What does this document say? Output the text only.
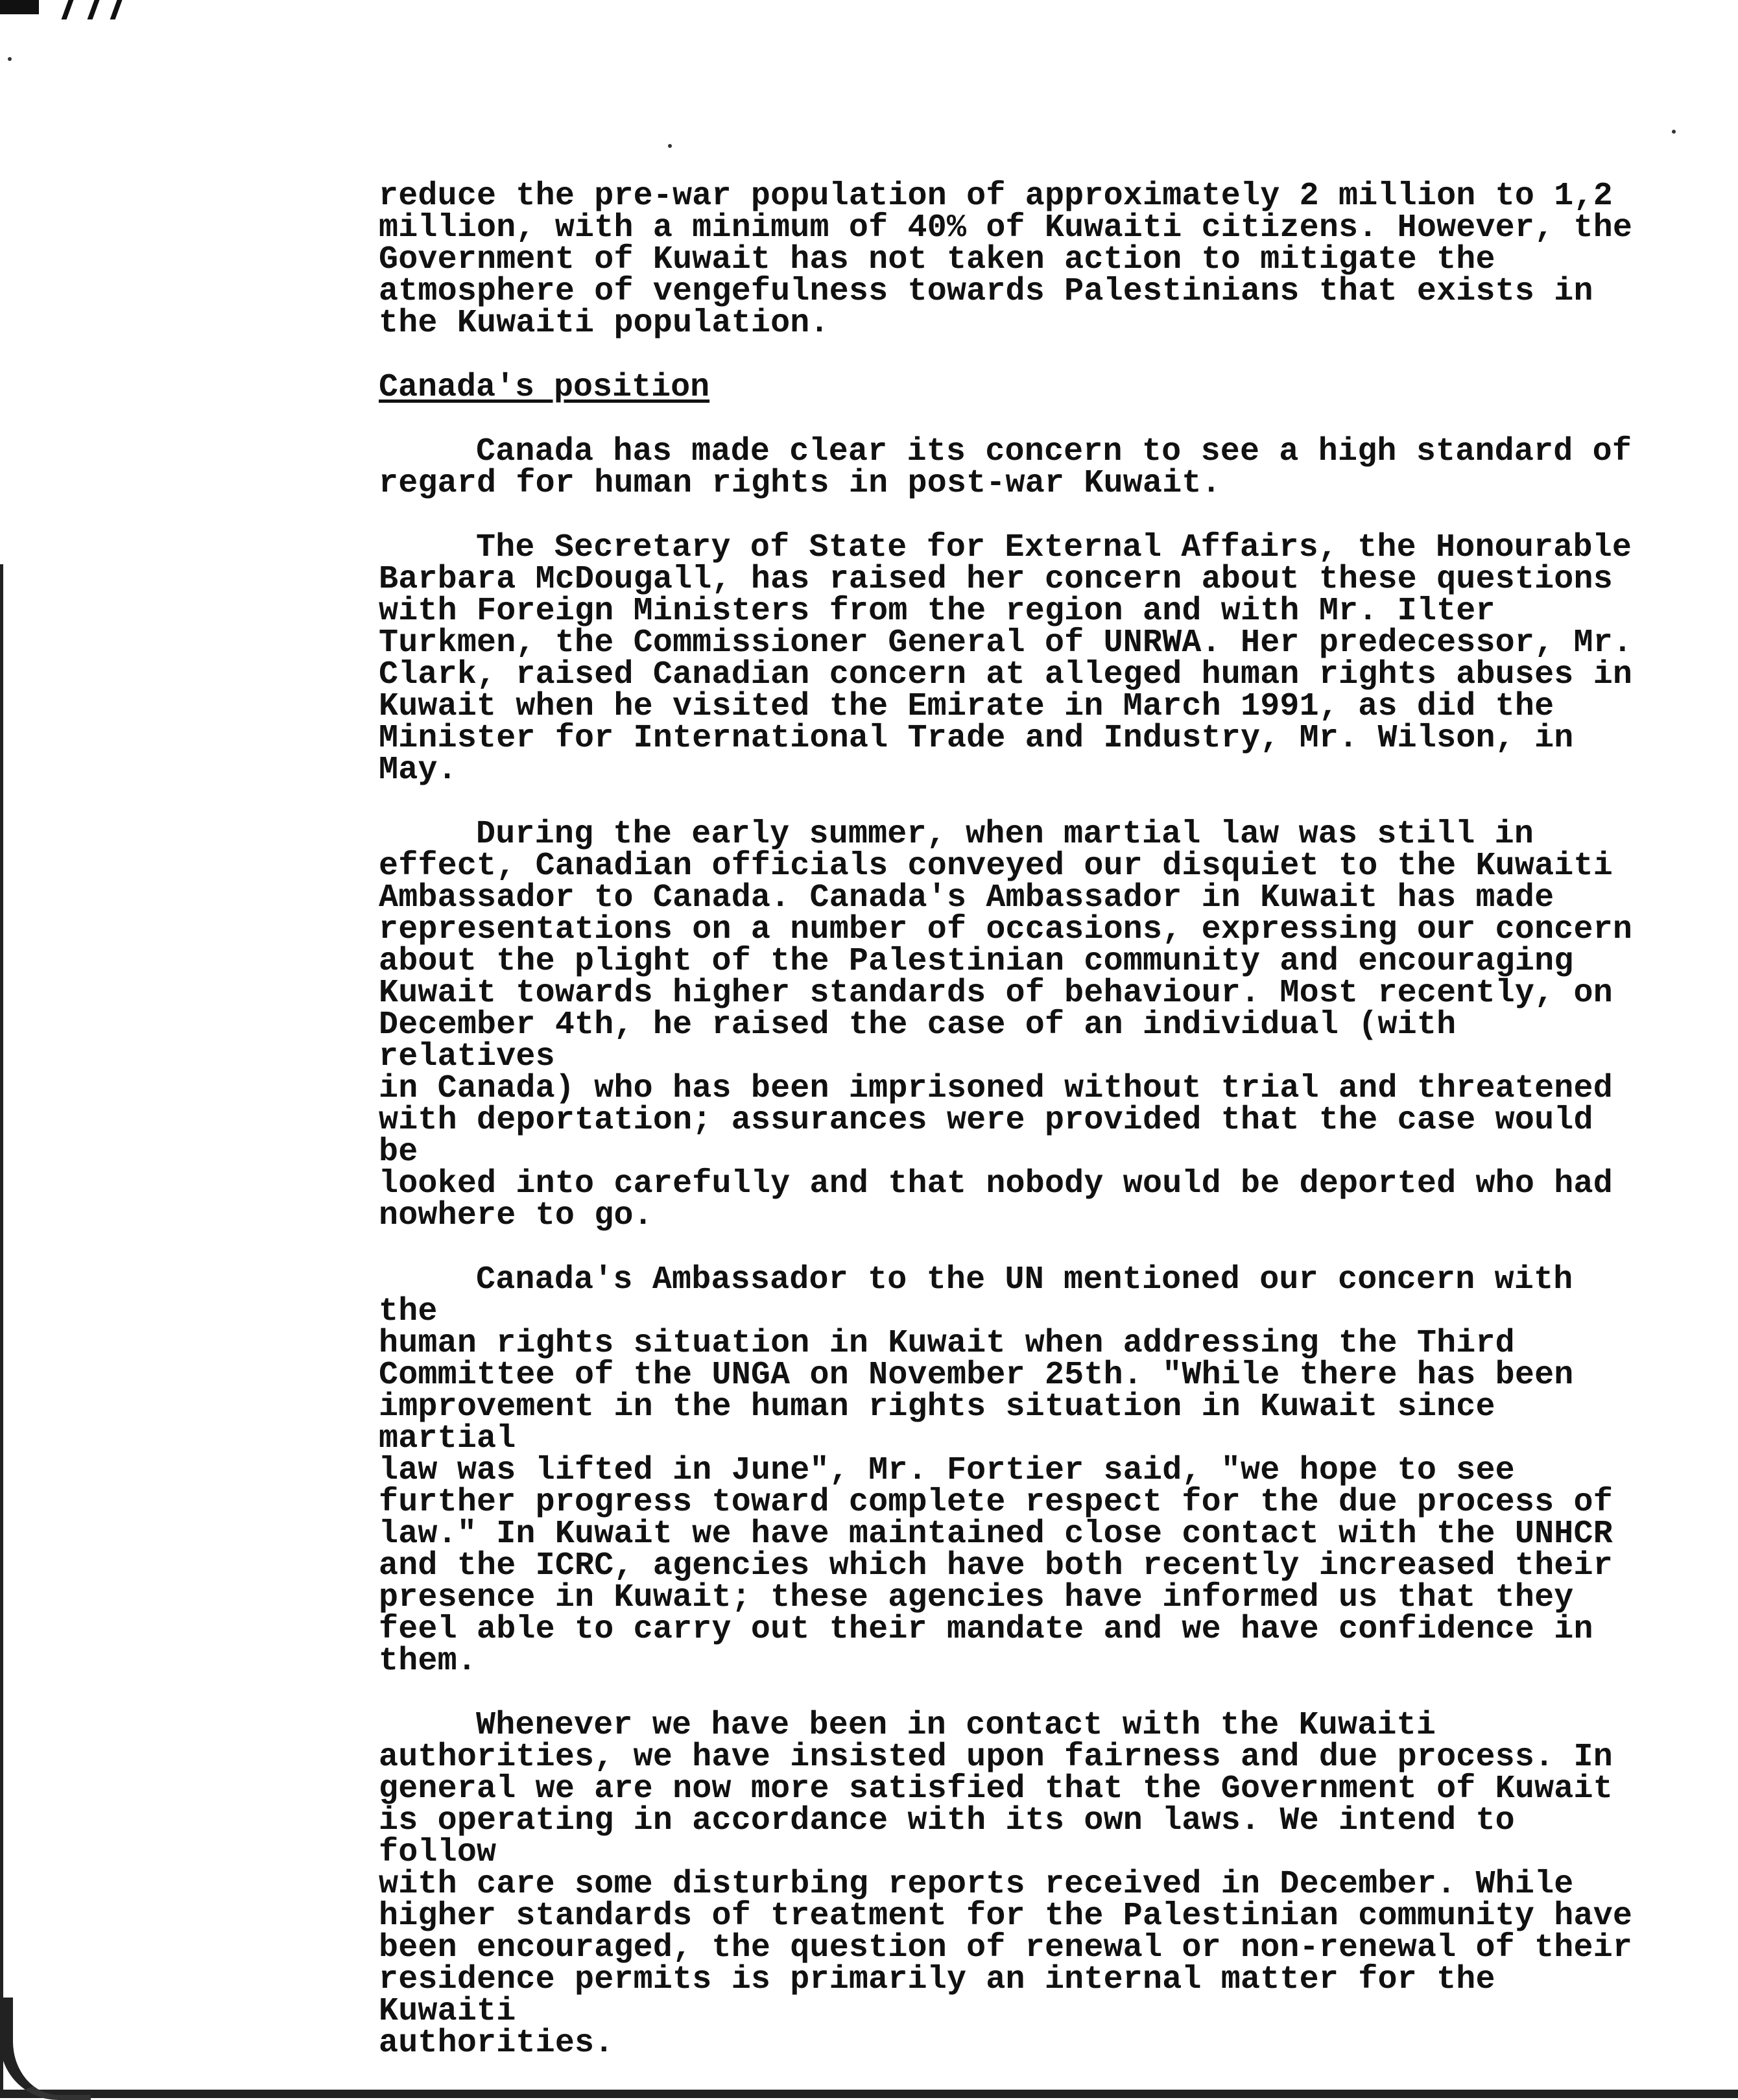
reduce the pre-war population of approximately 2 million to 1,2
million, with a minimum of 40% of Kuwaiti citizens. However, the
Government of Kuwait has not taken action to mitigate the
atmosphere of vengefulness towards Palestinians that exists in
the Kuwaiti population.

Canada's position

Canada has made clear its concern to see a high standard of
regard for human rights in post-war Kuwait.

The Secretary of State for External Affairs, the Honourable
Barbara McDougall, has raised her concern about these questions
with Foreign Ministers from the region and with Mr. Ilter
Turkmen, the Commissioner General of UNRWA. Her predecessor, Mr.
Clark, raised Canadian concern at alleged human rights abuses in
Kuwait when he visited the Emirate in March 1991, as did the
Minister for International Trade and Industry, Mr. Wilson, in
May.

During the early summer, when martial law was still in
effect, Canadian officials conveyed our disquiet to the Kuwaiti
Ambassador to Canada. Canada's Ambassador in Kuwait has made
representations on a number of occasions, expressing our concern
about the plight of the Palestinian community and encouraging
Kuwait towards higher standards of behaviour. Most recently, on
December 4th, he raised the case of an individual (with relatives
in Canada) who has been imprisoned without trial and threatened
with deportation; assurances were provided that the case would be
looked into carefully and that nobody would be deported who had
nowhere to go.

Canada's Ambassador to the UN mentioned our concern with the
human rights situation in Kuwait when addressing the Third
Committee of the UNGA on November 25th. "While there has been
improvement in the human rights situation in Kuwait since martial
law was lifted in June", Mr. Fortier said, "we hope to see
further progress toward complete respect for the due process of
law." In Kuwait we have maintained close contact with the UNHCR
and the ICRC, agencies which have both recently increased their
presence in Kuwait; these agencies have informed us that they
feel able to carry out their mandate and we have confidence in
them.

Whenever we have been in contact with the Kuwaiti
authorities, we have insisted upon fairness and due process. In
general we are now more satisfied that the Government of Kuwait
is operating in accordance with its own laws. We intend to follow
with care some disturbing reports received in December. While
higher standards of treatment for the Palestinian community have
been encouraged, the question of renewal or non-renewal of their
residence permits is primarily an internal matter for the Kuwaiti
authorities.
